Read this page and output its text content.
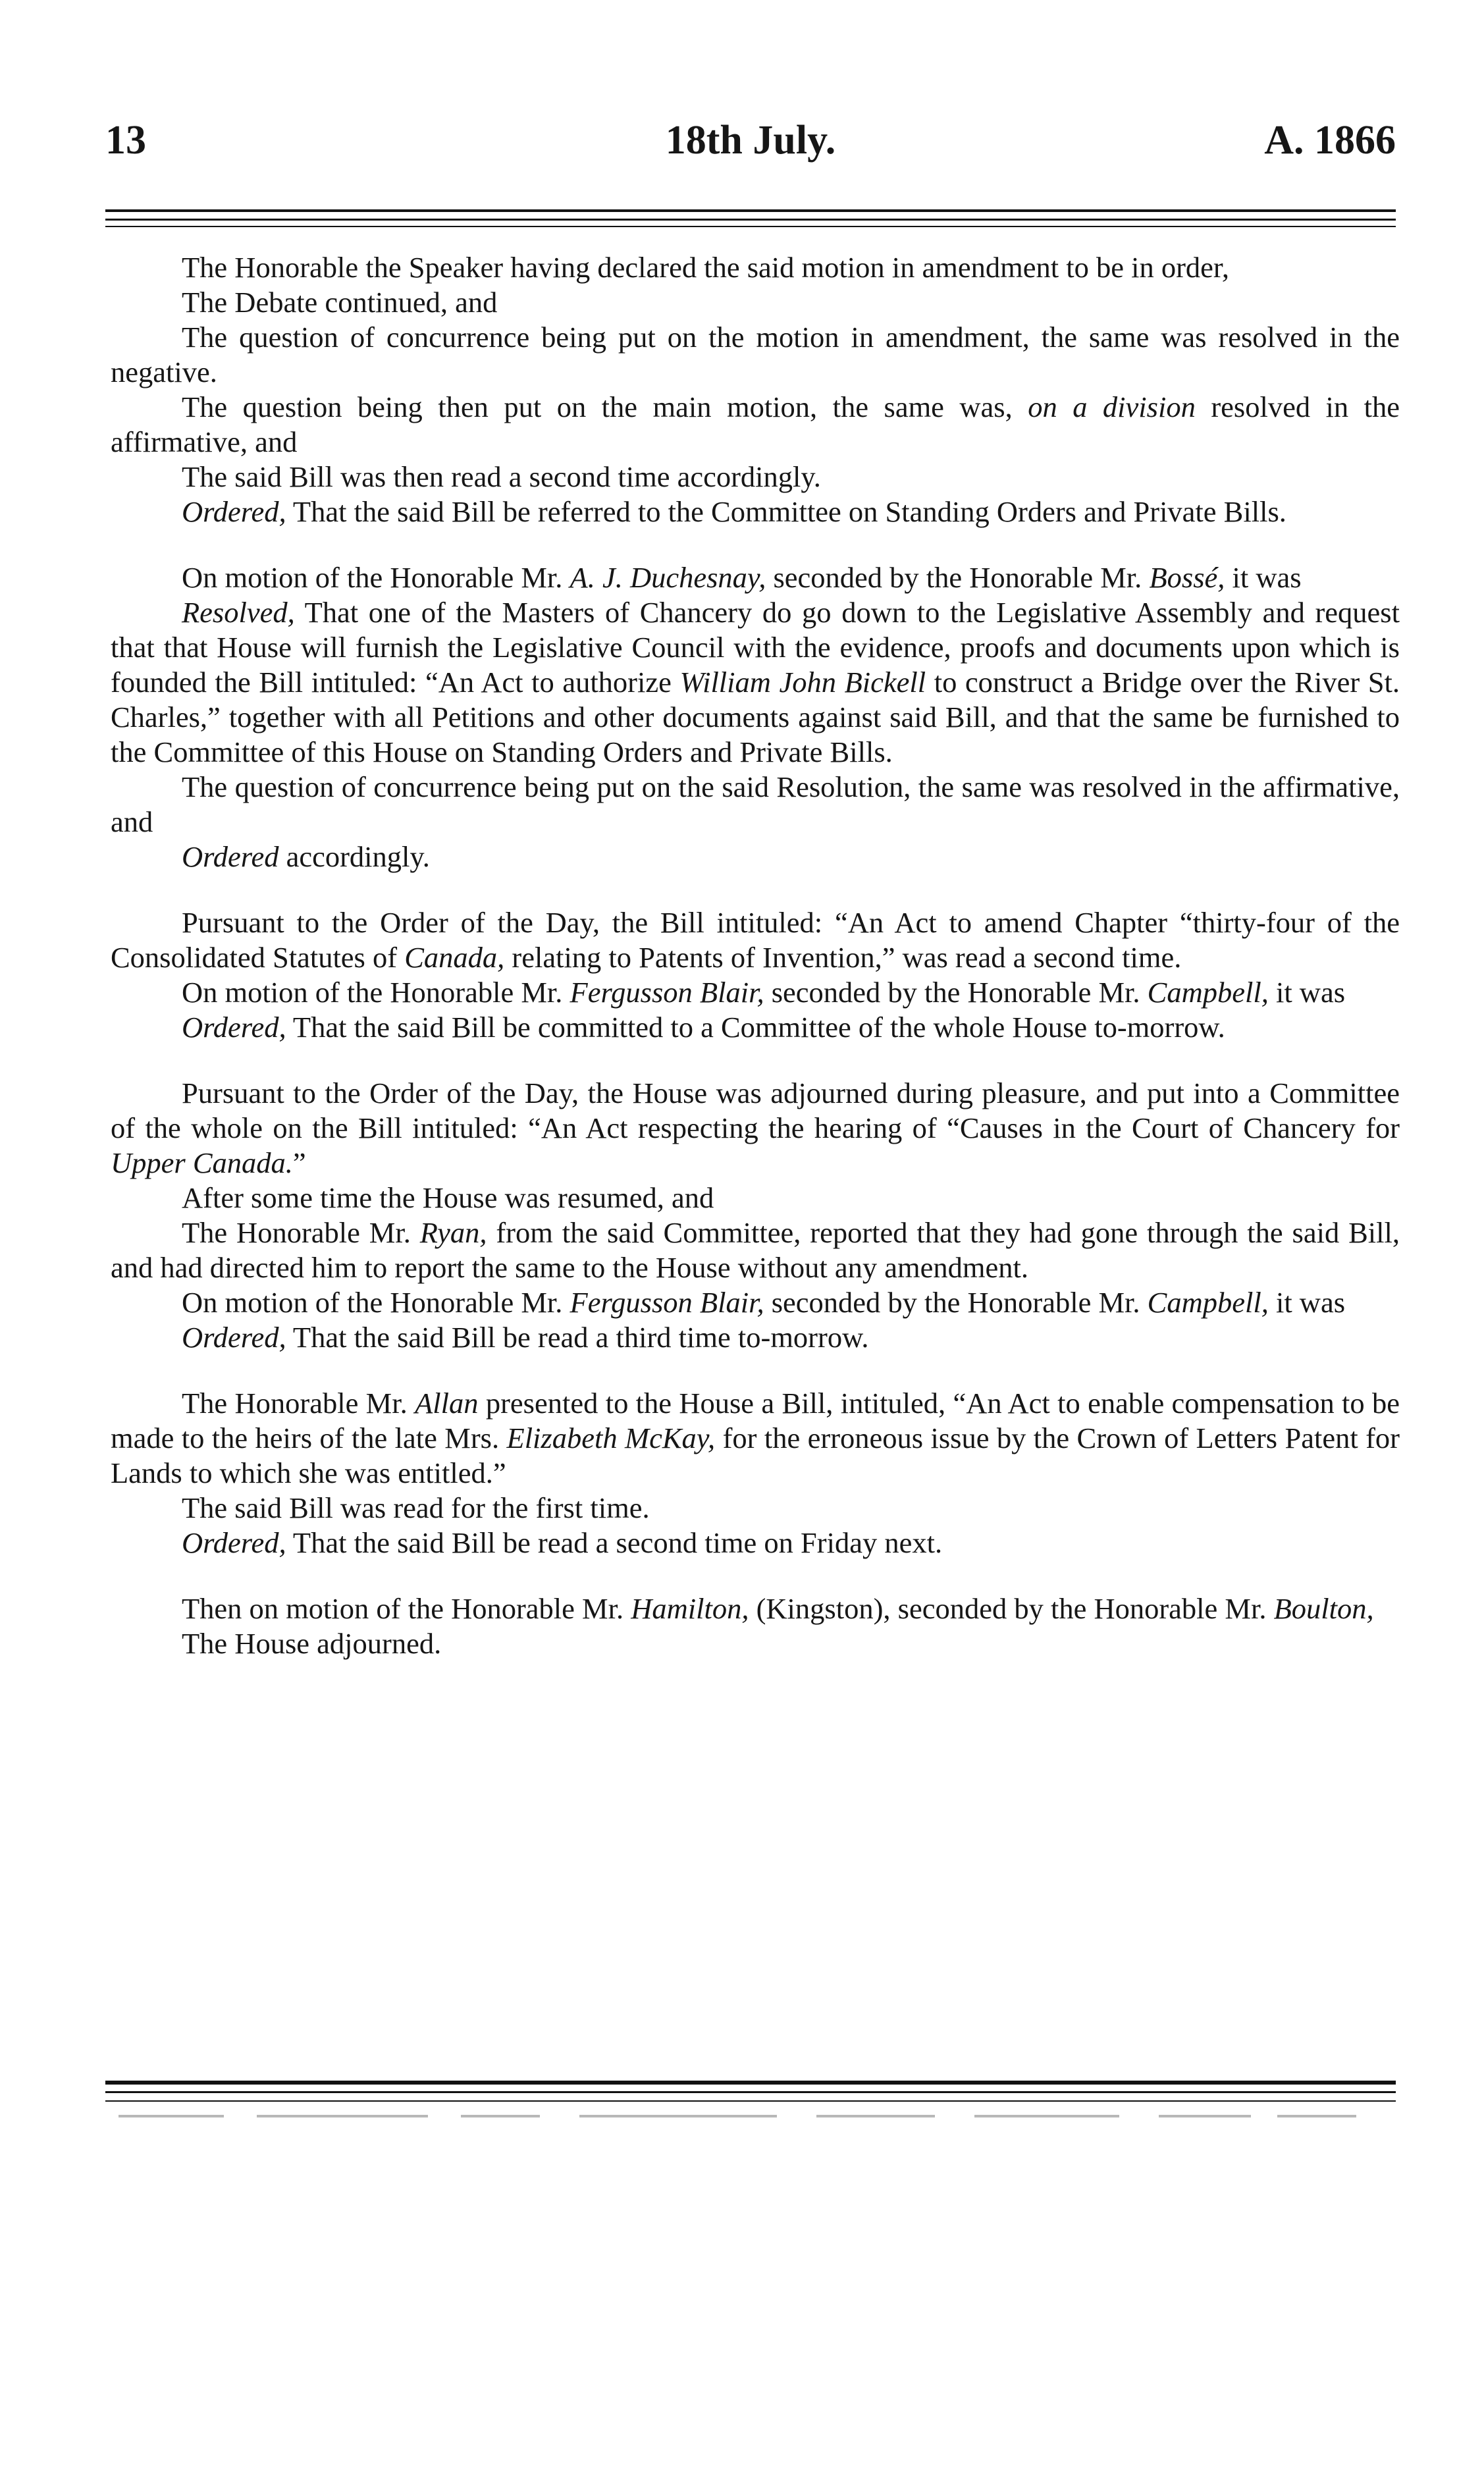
13	18th July.	A. 1866

The Honorable the Speaker having declared the said motion in amendment to be in order,

The Debate continued, and

The question of concurrence being put on the motion in amendment, the same was resolved in the negative.

The question being then put on the main motion, the same was, on a division resolved in the affirmative, and

The said Bill was then read a second time accordingly.

Ordered, That the said Bill be referred to the Committee on Standing Orders and Private Bills.

On motion of the Honorable Mr. A. J. Duchesnay, seconded by the Honorable Mr. Bossé, it was

Resolved, That one of the Masters of Chancery do go down to the Legislative Assembly and request that that House will furnish the Legislative Council with the evidence, proofs and documents upon which is founded the Bill intituled: “An Act to authorize William John Bickell to construct a Bridge over the River St. Charles,” together with all Petitions and other documents against said Bill, and that the same be furnished to the Committee of this House on Standing Orders and Private Bills.

The question of concurrence being put on the said Resolution, the same was resolved in the affirmative, and

Ordered accordingly.

Pursuant to the Order of the Day, the Bill intituled: “An Act to amend Chapter “thirty-four of the Consolidated Statutes of Canada, relating to Patents of Invention,” was read a second time.

On motion of the Honorable Mr. Fergusson Blair, seconded by the Honorable Mr. Campbell, it was

Ordered, That the said Bill be committed to a Committee of the whole House to-morrow.

Pursuant to the Order of the Day, the House was adjourned during pleasure, and put into a Committee of the whole on the Bill intituled: “An Act respecting the hearing of “Causes in the Court of Chancery for Upper Canada.”

After some time the House was resumed, and

The Honorable Mr. Ryan, from the said Committee, reported that they had gone through the said Bill, and had directed him to report the same to the House without any amendment.

On motion of the Honorable Mr. Fergusson Blair, seconded by the Honorable Mr. Campbell, it was

Ordered, That the said Bill be read a third time to-morrow.

The Honorable Mr. Allan presented to the House a Bill, intituled, “An Act to enable compensation to be made to the heirs of the late Mrs. Elizabeth McKay, for the erroneous issue by the Crown of Letters Patent for Lands to which she was entitled.”

The said Bill was read for the first time.

Ordered, That the said Bill be read a second time on Friday next.

Then on motion of the Honorable Mr. Hamilton, (Kingston), seconded by the Honorable Mr. Boulton,

The House adjourned.
